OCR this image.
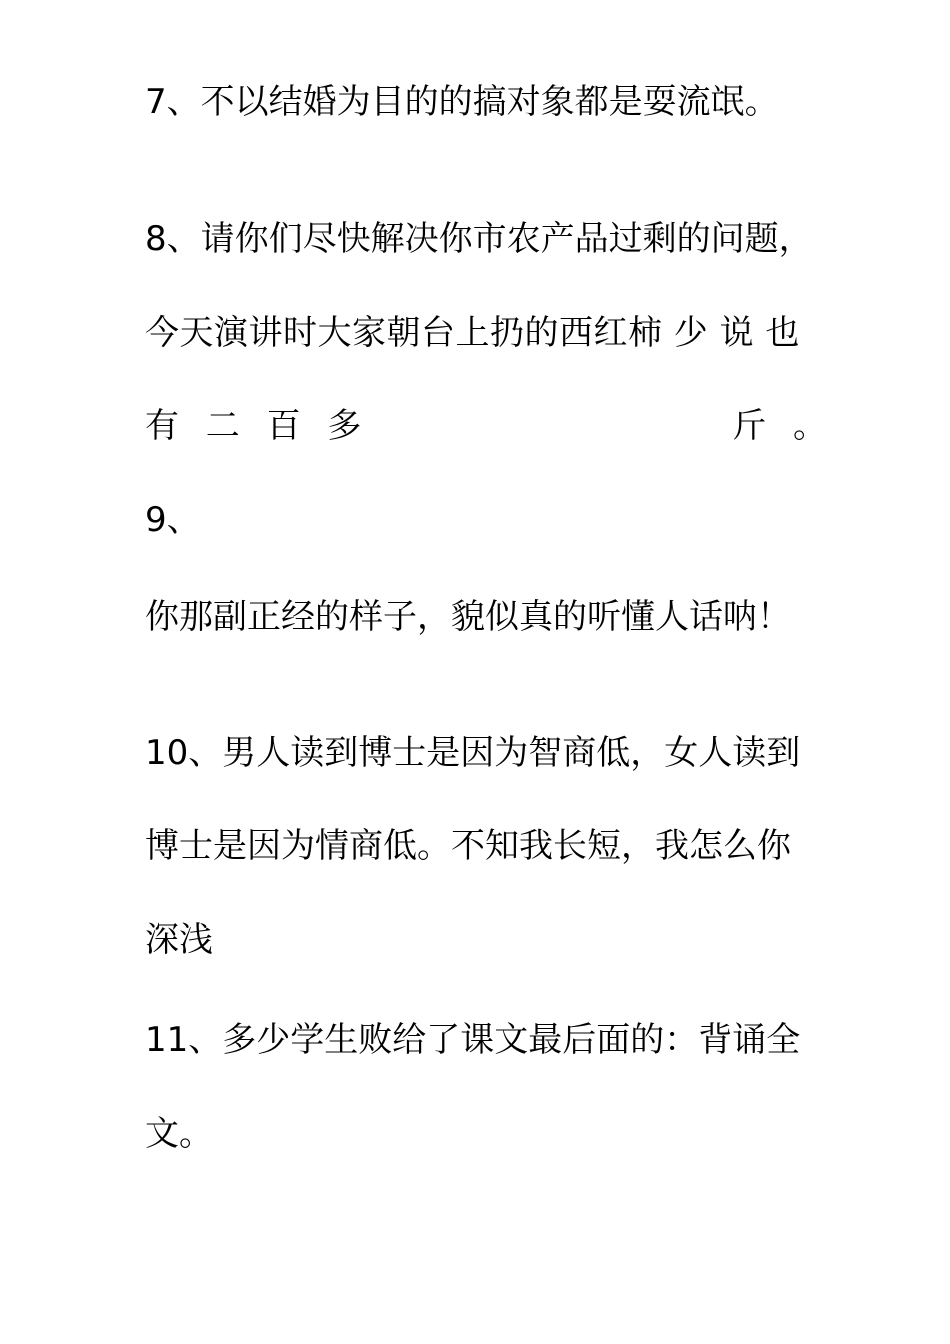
7、不以结婚为目的的搞对象都是耍流氓。
8、请你们尽快解决你市农产品过剩的问题，
今天演讲时大家朝台上扔的西红柿 少 说 也
有 二 百 多	斤 。
9、
你那副正经的样子，貌似真的听懂人话呐！
10、男人读到博士是因为智商低，女人读到
博士是因为情商低。不知我长短，我怎么你
深浅
11、多少学生败给了课文最后面的：背诵全
文。
